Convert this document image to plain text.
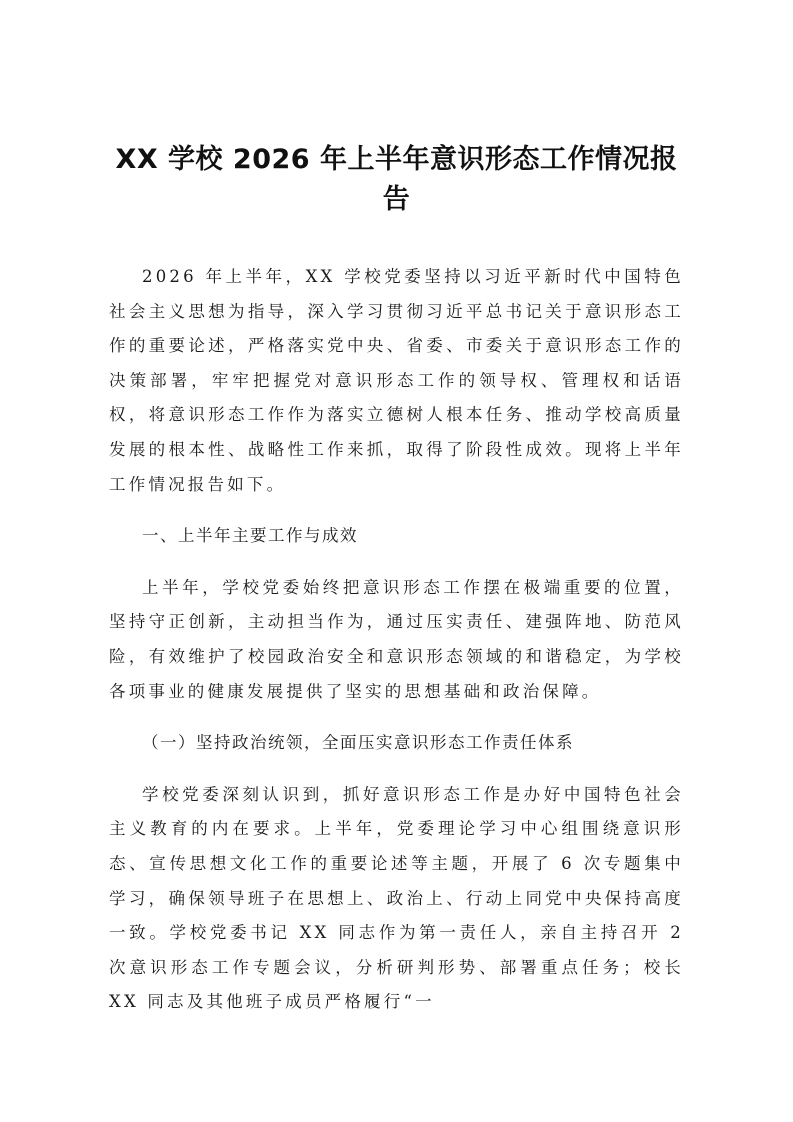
XX 学校 2026 年上半年意识形态工作情况报告

2026 年上半年，XX 学校党委坚持以习近平新时代中国特色社会主义思想为指导，深入学习贯彻习近平总书记关于意识形态工作的重要论述，严格落实党中央、省委、市委关于意识形态工作的决策部署，牢牢把握党对意识形态工作的领导权、管理权和话语权，将意识形态工作作为落实立德树人根本任务、推动学校高质量发展的根本性、战略性工作来抓，取得了阶段性成效。现将上半年工作情况报告如下。

一、上半年主要工作与成效

上半年，学校党委始终把意识形态工作摆在极端重要的位置，坚持守正创新，主动担当作为，通过压实责任、建强阵地、防范风险，有效维护了校园政治安全和意识形态领域的和谐稳定，为学校各项事业的健康发展提供了坚实的思想基础和政治保障。

（一）坚持政治统领，全面压实意识形态工作责任体系

学校党委深刻认识到，抓好意识形态工作是办好中国特色社会主义教育的内在要求。上半年，党委理论学习中心组围绕意识形态、宣传思想文化工作的重要论述等主题，开展了 6 次专题集中学习，确保领导班子在思想上、政治上、行动上同党中央保持高度一致。学校党委书记 XX 同志作为第一责任人，亲自主持召开 2 次意识形态工作专题会议，分析研判形势、部署重点任务；校长 XX 同志及其他班子成员严格履行“一
